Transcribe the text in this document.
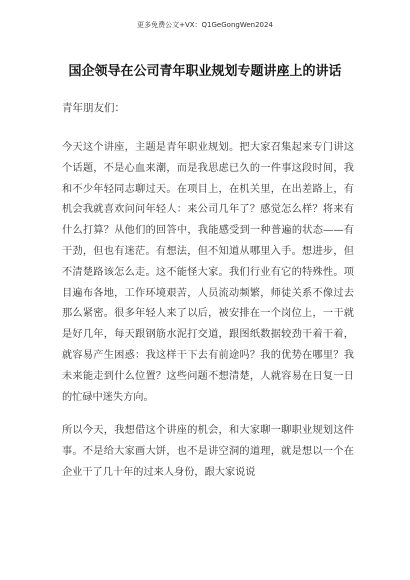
更多免费公文+VX：Q1GeGongWen2024
国企领导在公司青年职业规划专题讲座上的讲话
青年朋友们：
今天这个讲座，主题是青年职业规划。把大家召集起来专门讲这个话题，不是心血来潮，而是我思虑已久的一件事这段时间，我和不少年轻同志聊过天。在项目上，在机关里，在出差路上，有机会我就喜欢问问年轻人：来公司几年了？感觉怎么样？将来有什么打算？从他们的回答中，我能感受到一种普遍的状态——有干劲，但也有迷茫。有想法，但不知道从哪里入手。想进步，但不清楚路该怎么走。这不能怪大家。我们行业有它的特殊性。项目遍布各地，工作环境艰苦，人员流动频繁，师徒关系不像过去那么紧密。很多年轻人来了以后，被安排在一个岗位上，一干就是好几年，每天跟钢筋水泥打交道，跟图纸数据较劲干着干着，就容易产生困惑：我这样干下去有前途吗？我的优势在哪里？我未来能走到什么位置？这些问题不想清楚，人就容易在日复一日的忙碌中迷失方向。
所以今天，我想借这个讲座的机会，和大家聊一聊职业规划这件事。不是给大家画大饼，也不是讲空洞的道理，就是想以一个在企业干了几十年的过来人身份，跟大家说说
